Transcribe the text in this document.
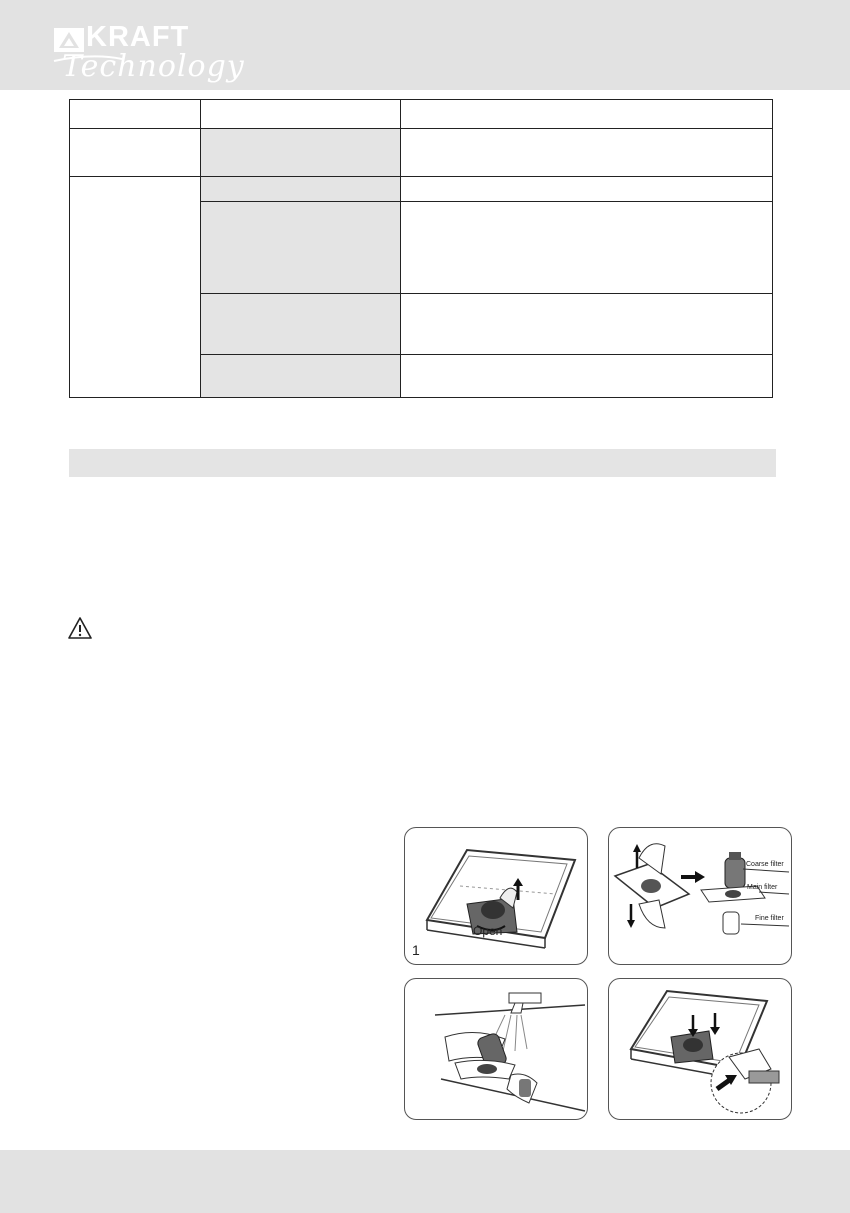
KRAFT
Technology

Open
1
Coarse filter
Main filter
Fine filter
